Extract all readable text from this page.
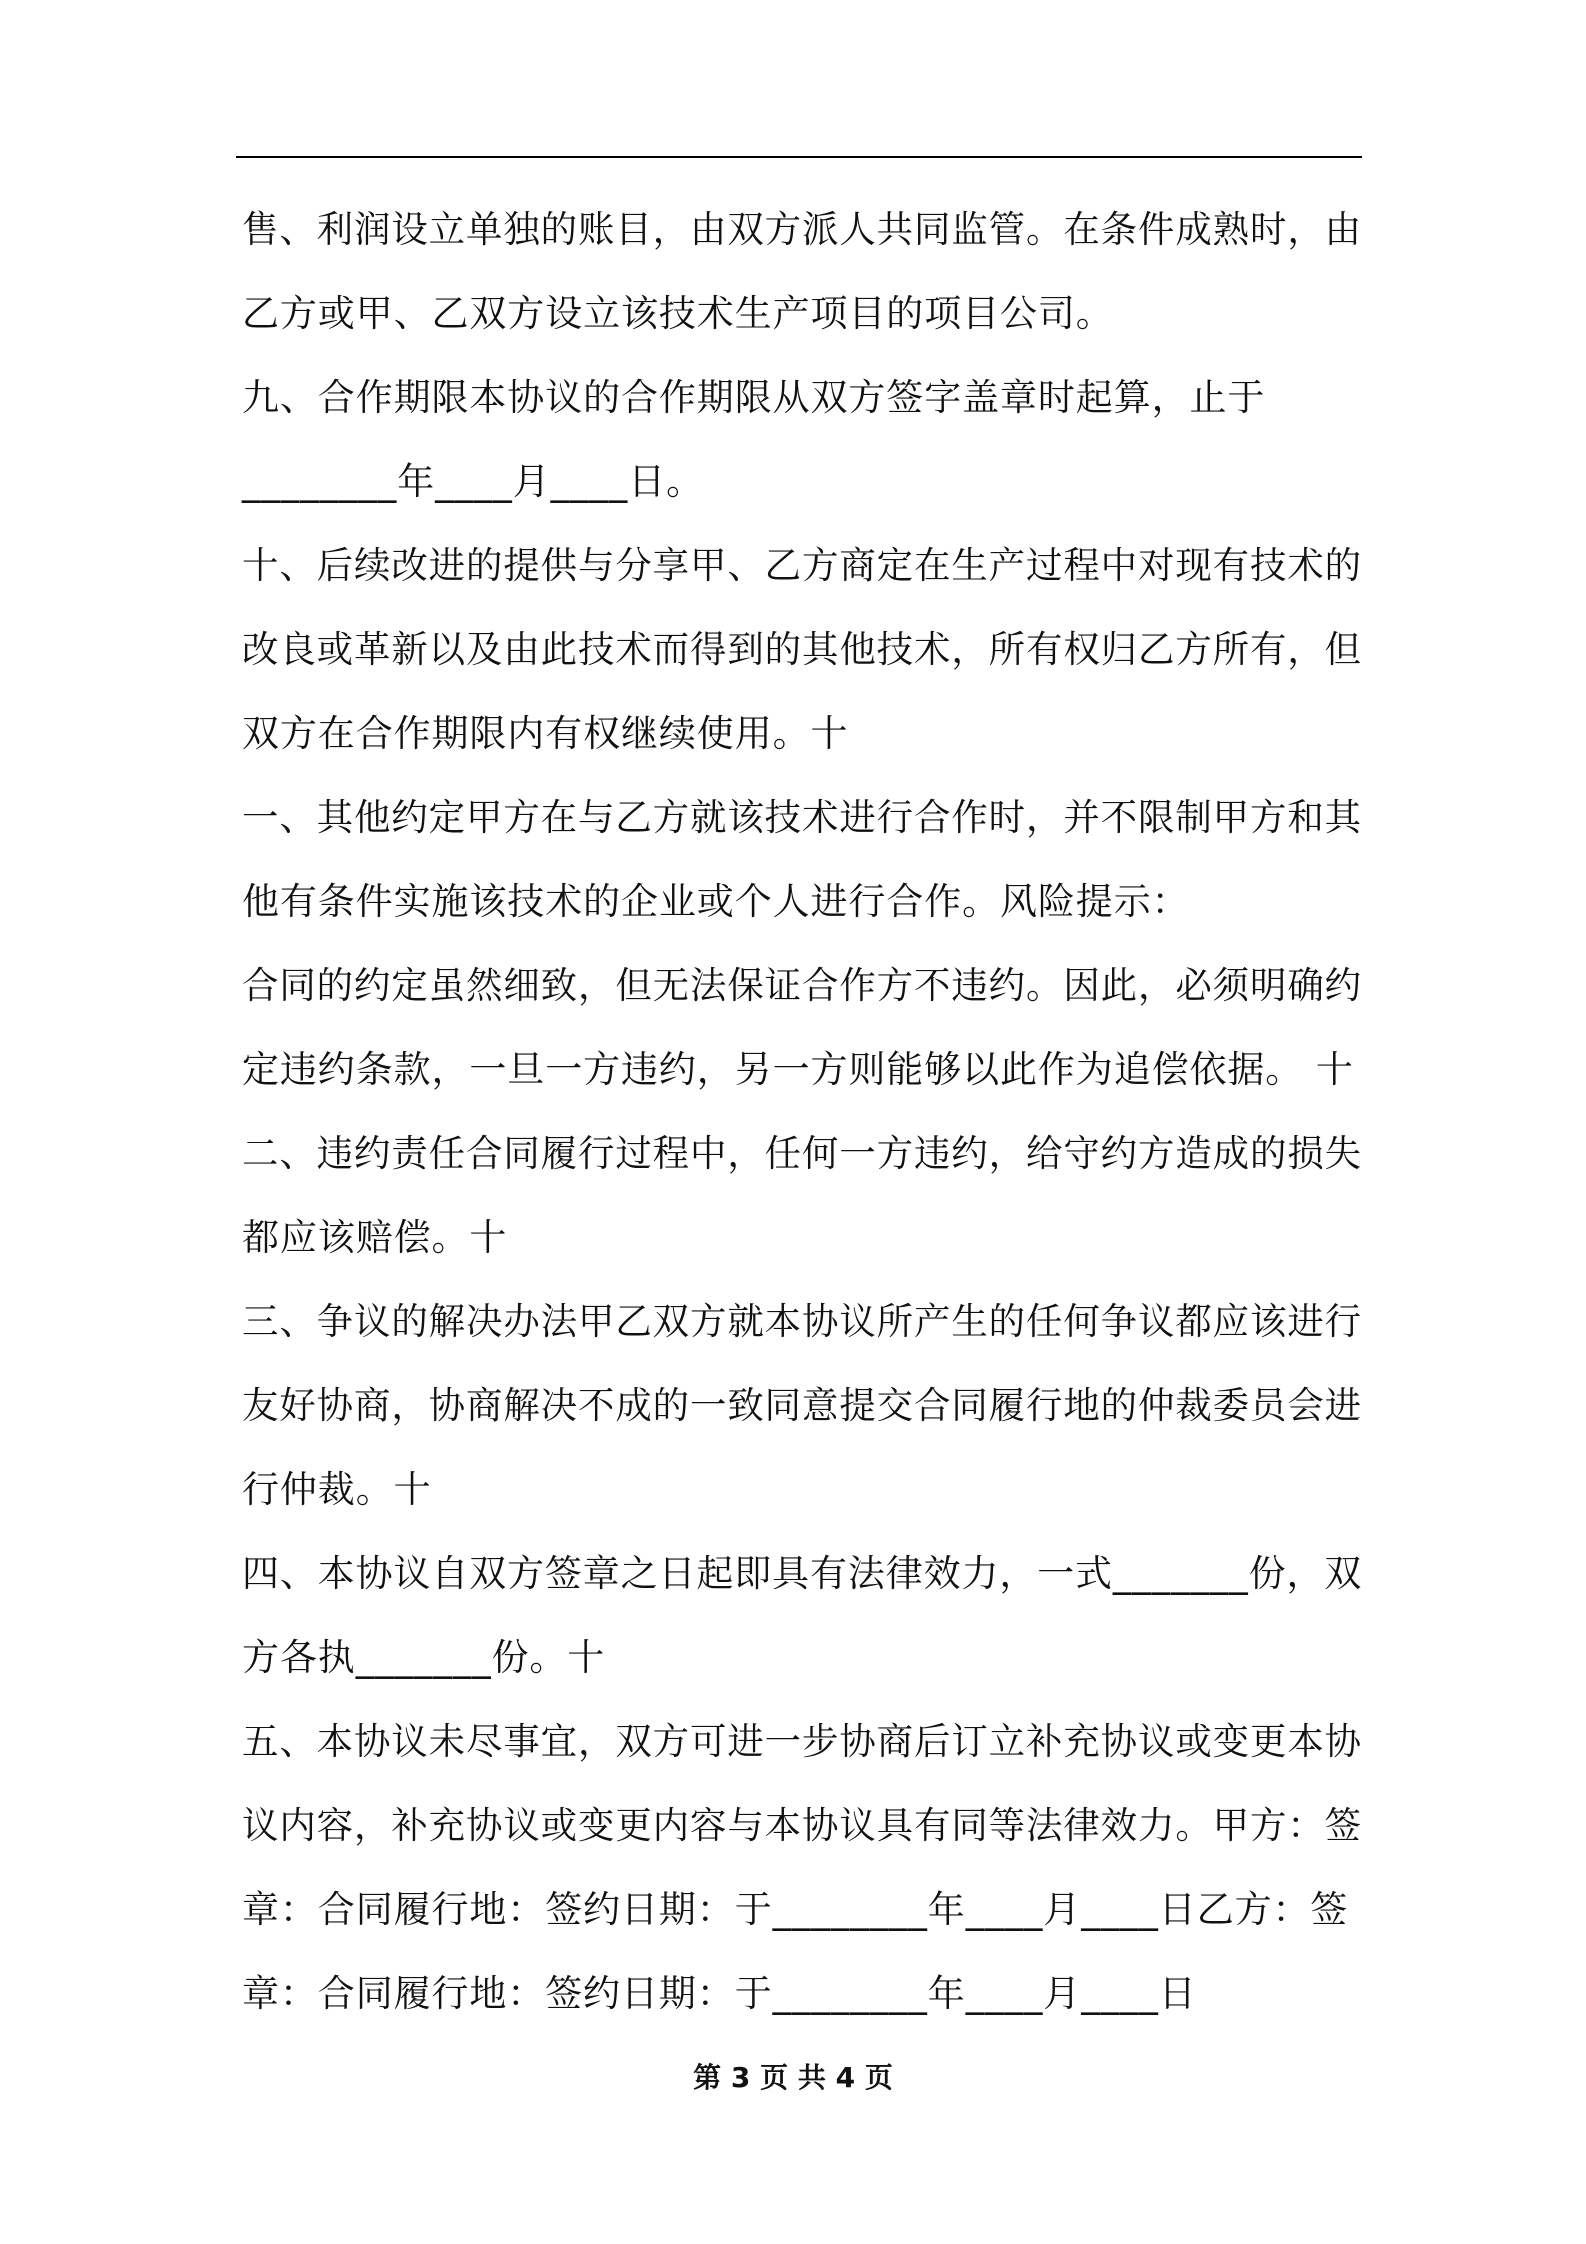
售、利润设立单独的账目，由双方派人共同监管。在条件成熟时，由
乙方或甲、乙双方设立该技术生产项目的项目公司。
九、合作期限本协议的合作期限从双方签字盖章时起算，止于
________年____月____日。
十、后续改进的提供与分享甲、乙方商定在生产过程中对现有技术的
改良或革新以及由此技术而得到的其他技术，所有权归乙方所有，但
双方在合作期限内有权继续使用。十
一、其他约定甲方在与乙方就该技术进行合作时，并不限制甲方和其
他有条件实施该技术的企业或个人进行合作。风险提示：
合同的约定虽然细致，但无法保证合作方不违约。因此，必须明确约
定违约条款，一旦一方违约，另一方则能够以此作为追偿依据。 十
二、违约责任合同履行过程中，任何一方违约，给守约方造成的损失
都应该赔偿。十
三、争议的解决办法甲乙双方就本协议所产生的任何争议都应该进行
友好协商，协商解决不成的一致同意提交合同履行地的仲裁委员会进
行仲裁。十
四、本协议自双方签章之日起即具有法律效力，一式_______份，双
方各执_______份。十
五、本协议未尽事宜，双方可进一步协商后订立补充协议或变更本协
议内容，补充协议或变更内容与本协议具有同等法律效力。甲方：签
章：合同履行地：签约日期：于________年____月____日乙方：签
章：合同履行地：签约日期：于________年____月____日
第 3 页 共 4 页
